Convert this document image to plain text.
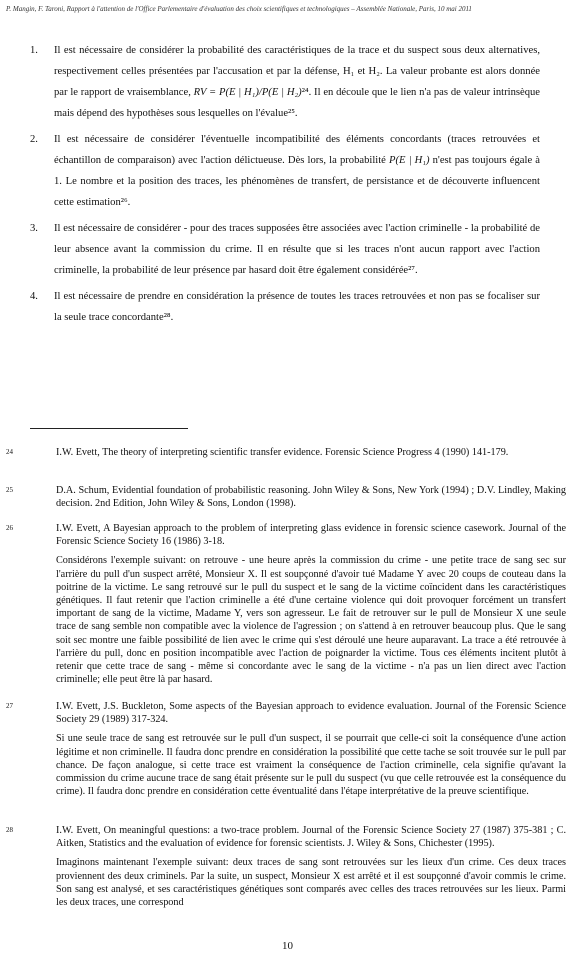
P. Mangin, F. Taroni, Rapport à l'attention de l'Office Parlementaire d'évaluation des choix scientifiques et technologiques – Assemblée Nationale, Paris, 10 mai 2011
1. Il est nécessaire de considérer la probabilité des caractéristiques de la trace et du suspect sous deux alternatives, respectivement celles présentées par l'accusation et par la défense, H₁ et H₂. La valeur probante est alors donnée par le rapport de vraisemblance, RV = P(E | H₁)/P(E | H₂)²⁴. Il en découle que le lien n'a pas de valeur intrinsèque mais dépend des hypothèses sous lesquelles on l'évalue²⁵.
2. Il est nécessaire de considérer l'éventuelle incompatibilité des éléments concordants (traces retrouvées et échantillon de comparaison) avec l'action délictueuse. Dès lors, la probabilité P(E | H₁) n'est pas toujours égale à 1. Le nombre et la position des traces, les phénomènes de transfert, de persistance et de découverte influencent cette estimation²⁶.
3. Il est nécessaire de considérer - pour des traces supposées être associées avec l'action criminelle - la probabilité de leur absence avant la commission du crime. Il en résulte que si les traces n'ont aucun rapport avec l'action criminelle, la probabilité de leur présence par hasard doit être également considérée²⁷.
4. Il est nécessaire de prendre en considération la présence de toutes les traces retrouvées et non pas se focaliser sur la seule trace concordante²⁸.
24	I.W. Evett, The theory of interpreting scientific transfer evidence. Forensic Science Progress 4 (1990) 141-179.
25	D.A. Schum, Evidential foundation of probabilistic reasoning. John Wiley & Sons, New York (1994) ; D.V. Lindley, Making decision. 2nd Edition, John Wiley & Sons, London (1998).
26	I.W. Evett, A Bayesian approach to the problem of interpreting glass evidence in forensic science casework. Journal of the Forensic Science Society 16 (1986) 3-18.
Considérons l'exemple suivant: on retrouve - une heure après la commission du crime - une petite trace de sang sec sur l'arrière du pull d'un suspect arrêté, Monsieur X. Il est soupçonné d'avoir tué Madame Y avec 20 coups de couteau dans la poitrine de la victime. Le sang retrouvé sur le pull du suspect et le sang de la victime coïncident dans les caractéristiques génétiques. Il faut retenir que l'action criminelle a été d'une certaine violence qui doit provoquer forcément un transfert important de sang de la victime, Madame Y, vers son agresseur. Le fait de retrouver sur le pull de Monsieur X une seule trace de sang semble non compatible avec la violence de l'agression ; on s'attend à en retrouver beaucoup plus. Que le sang soit sec montre une faible possibilité de lien avec le crime qui s'est déroulé une heure auparavant. La trace a été retrouvée à l'arrière du pull, donc en position incompatible avec l'action de poignarder la victime. Tous ces éléments incitent plutôt à retenir que cette trace de sang - même si concordante avec le sang de la victime - n'a pas un lien direct avec l'action criminelle; elle peut être là par hasard.
27	I.W. Evett, J.S. Buckleton, Some aspects of the Bayesian approach to evidence evaluation. Journal of the Forensic Science Society 29 (1989) 317-324.
Si une seule trace de sang est retrouvée sur le pull d'un suspect, il se pourrait que celle-ci soit la conséquence d'une action légitime et non criminelle. Il faudra donc prendre en considération la possibilité que cette tache se soit trouvée sur le pull par chance. De façon analogue, si cette trace est vraiment la conséquence de l'action criminelle, cela signifie qu'avant la commission du crime aucune trace de sang était présente sur le pull du suspect (vu que celle retrouvée est la conséquence du crime). Il faudra donc prendre en considération cette éventualité dans l'étape interprétative de la preuve scientifique.
28	I.W. Evett, On meaningful questions: a two-trace problem. Journal of the Forensic Science Society 27 (1987) 375-381 ; C. Aitken, Statistics and the evaluation of evidence for forensic scientists. J. Wiley & Sons, Chichester (1995).
Imaginons maintenant l'exemple suivant: deux traces de sang sont retrouvées sur les lieux d'un crime. Ces deux traces proviennent des deux criminels. Par la suite, un suspect, Monsieur X est arrêté et il est soupçonné d'avoir commis le crime. Son sang est analysé, et ses caractéristiques génétiques sont comparés avec celles des traces retrouvées sur les lieux. Parmi les deux traces, une correspond
10
